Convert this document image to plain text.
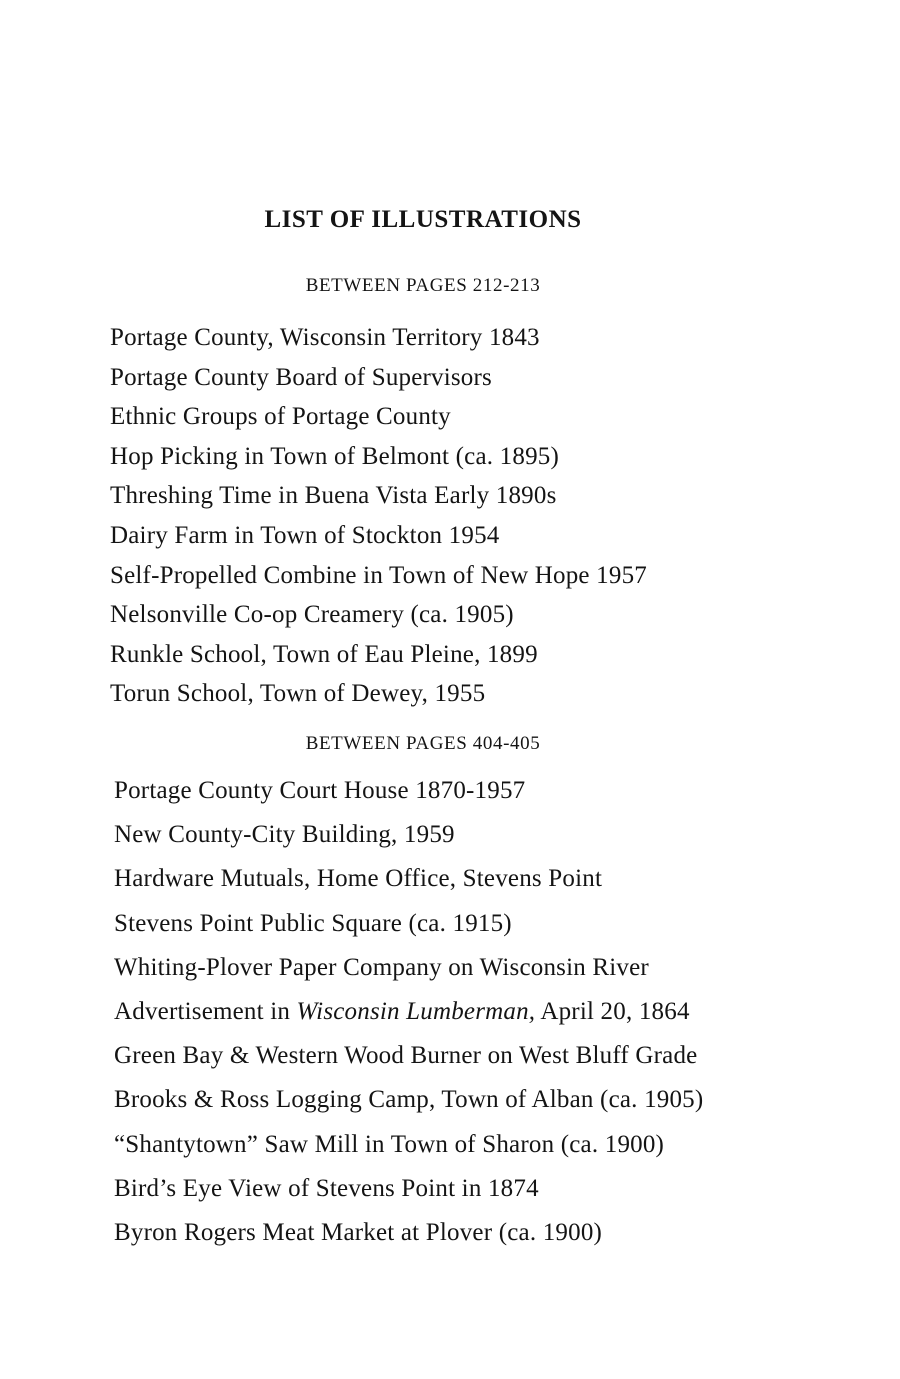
LIST OF ILLUSTRATIONS
BETWEEN PAGES 212-213
Portage County, Wisconsin Territory 1843
Portage County Board of Supervisors
Ethnic Groups of Portage County
Hop Picking in Town of Belmont (ca. 1895)
Threshing Time in Buena Vista Early 1890s
Dairy Farm in Town of Stockton 1954
Self-Propelled Combine in Town of New Hope 1957
Nelsonville Co-op Creamery (ca. 1905)
Runkle School, Town of Eau Pleine, 1899
Torun School, Town of Dewey, 1955
BETWEEN PAGES 404-405
Portage County Court House 1870-1957
New County-City Building, 1959
Hardware Mutuals, Home Office, Stevens Point
Stevens Point Public Square (ca. 1915)
Whiting-Plover Paper Company on Wisconsin River
Advertisement in Wisconsin Lumberman, April 20, 1864
Green Bay & Western Wood Burner on West Bluff Grade
Brooks & Ross Logging Camp, Town of Alban (ca. 1905)
“Shantytown” Saw Mill in Town of Sharon (ca. 1900)
Bird’s Eye View of Stevens Point in 1874
Byron Rogers Meat Market at Plover (ca. 1900)
